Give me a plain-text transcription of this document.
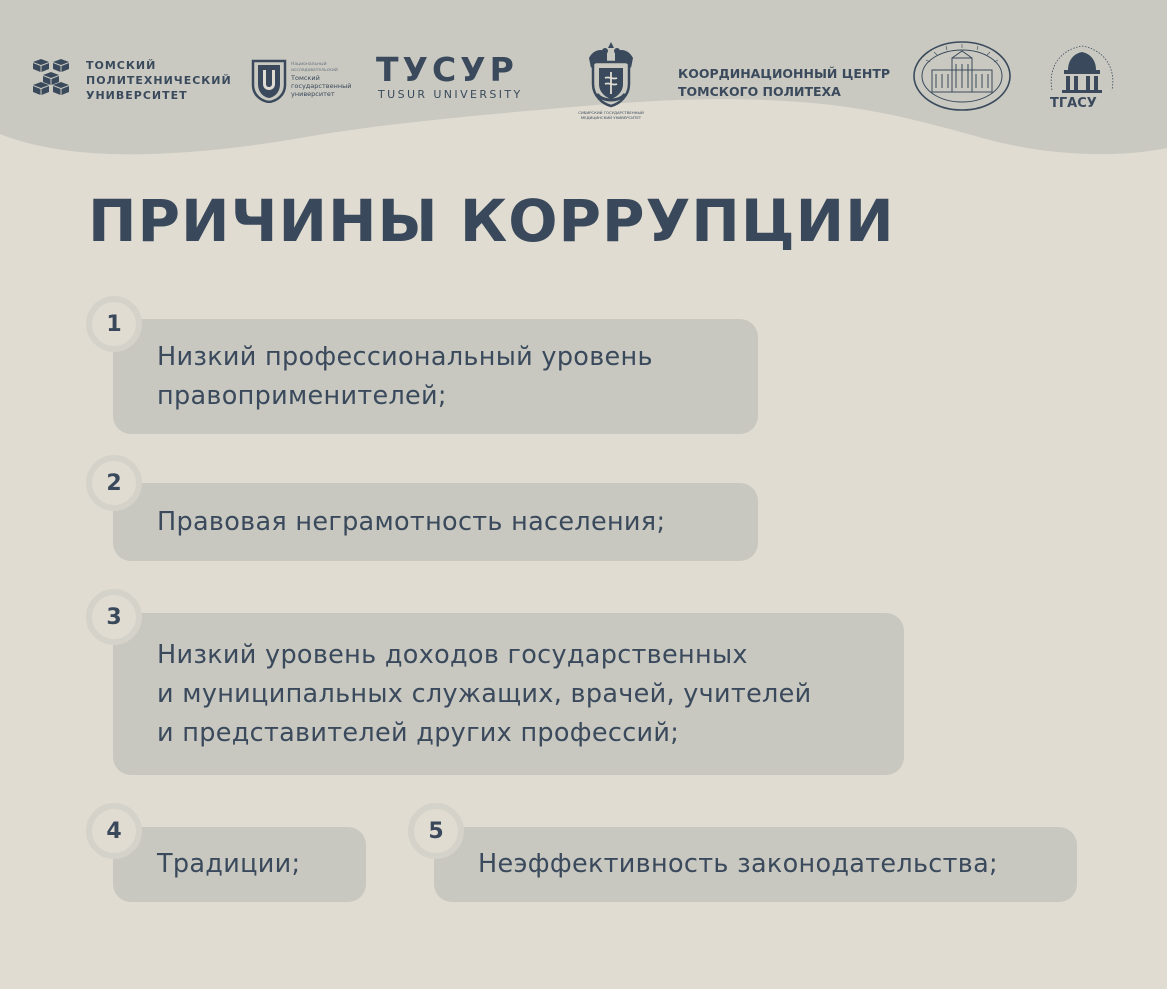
ТОМСКИЙ
ПОЛИТЕХНИЧЕСКИЙ
УНИВЕРСИТЕТ
Национальный
исследовательский
Томский
государственный
университет
ТУСУР
TUSUR UNIVERSITY
СИБИРСКИЙ ГОСУДАРСТВЕННЫЙ
МЕДИЦИНСКИЙ УНИВЕРСИТЕТ
КООРДИНАЦИОННЫЙ ЦЕНТР
ТОМСКОГО ПОЛИТЕХА
ТГАСУ
ПРИЧИНЫ КОРРУПЦИИ
Низкий профессиональный уровень
правоприменителей;
1
Правовая неграмотность населения;
2
Низкий уровень доходов государственных
и муниципальных служащих, врачей, учителей
и представителей других профессий;
3
Традиции;
4
Неэффективность законодательства;
5
